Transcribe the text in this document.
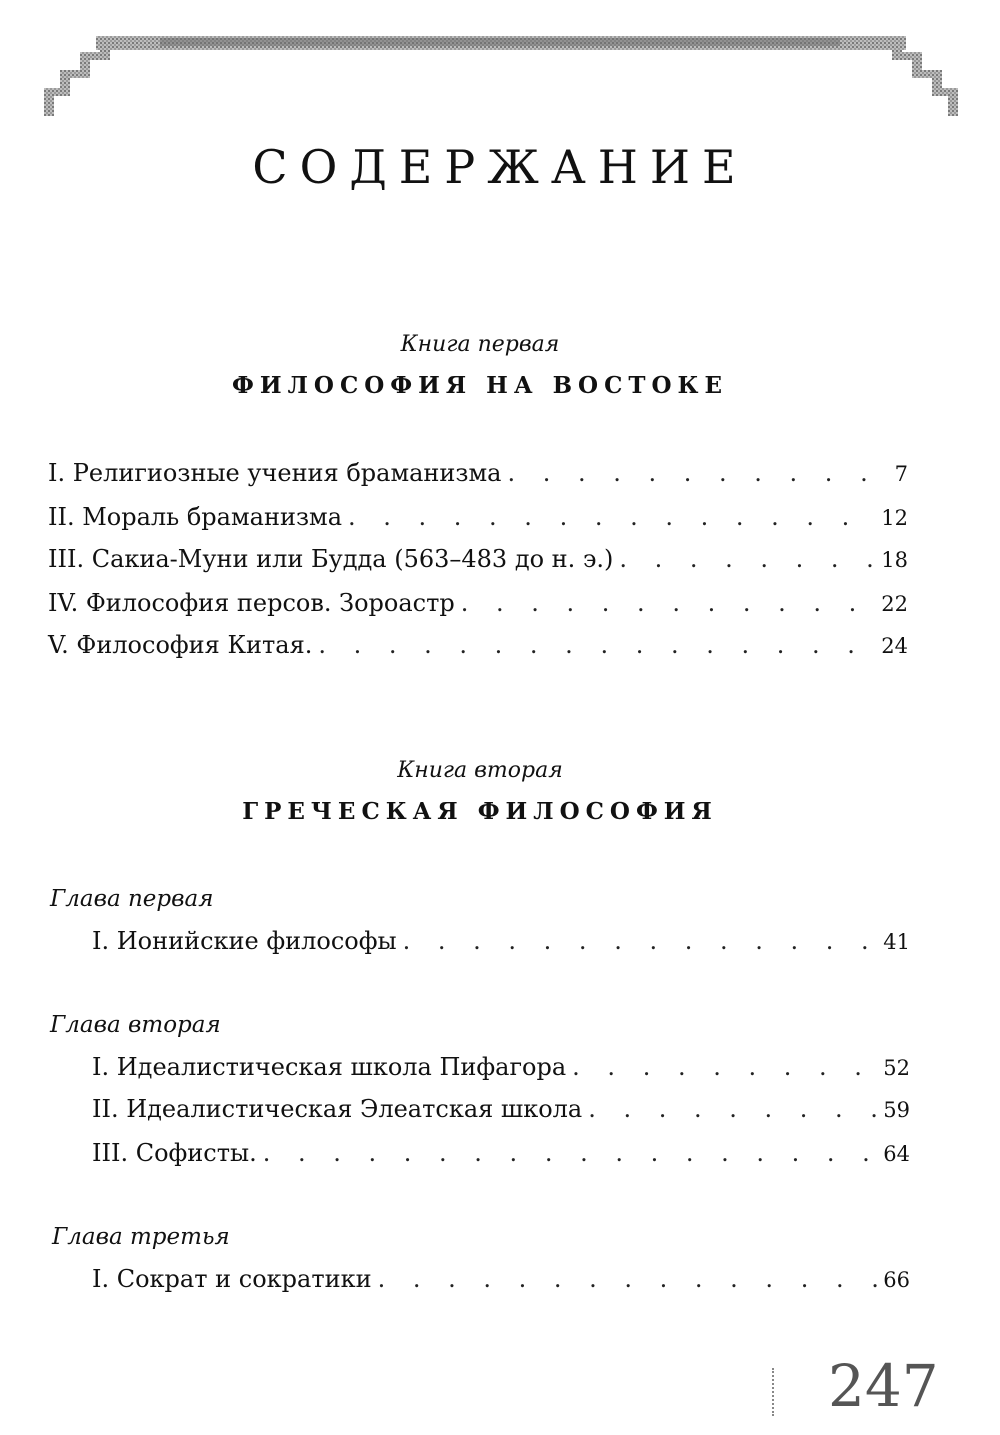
СОДЕРЖАНИЕ

Книга первая

ФИЛОСОФИЯ НА ВОСТОКЕ
I. Религиозные учения браманизма . . .	7
II. Мораль браманизма . . .	12
III. Сакиа-Муни или Будда (563–483 до н. э.) . . .	18
IV. Философия персов. Зороастр . . .	22
V. Философия Китая. . . .	24

Книга вторая

ГРЕЧЕСКАЯ ФИЛОСОФИЯ

Глава первая

I. Ионийские философы . . .	41

Глава вторая

I. Идеалистическая школа Пифагора . . .	52
II. Идеалистическая Элеатская школа . . .	59
III. Софисты. . . .	64

Глава третья

I. Сократ и сократики . . .	66

247
